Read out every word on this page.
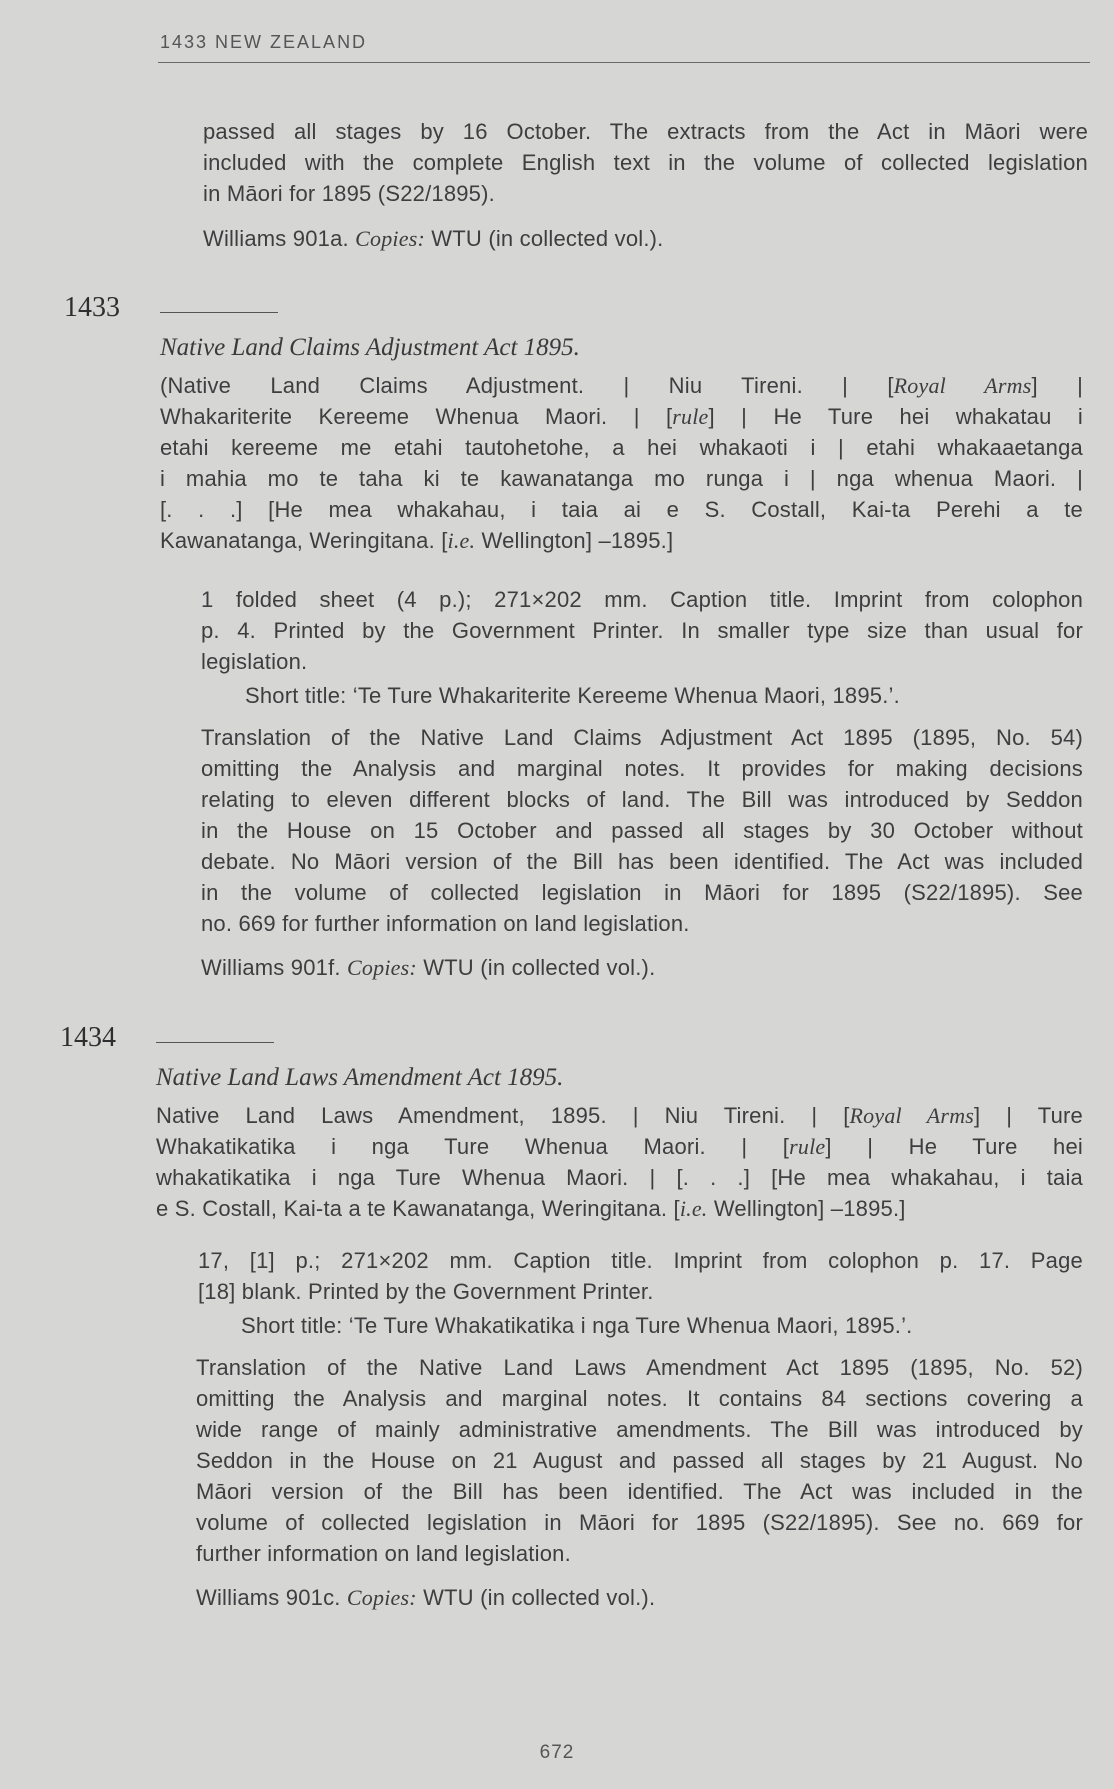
1433 NEW ZEALAND
passed all stages by 16 October. The extracts from the Act in Māori were
included with the complete English text in the volume of collected legislation
in Māori for 1895 (S22/1895).

Williams 901a. Copies: WTU (in collected vol.).
1433
Native Land Claims Adjustment Act 1895.
(Native Land Claims Adjustment. | Niu Tireni. | [Royal Arms] |
Whakariterite Kereeme Whenua Maori. | [rule] | He Ture hei whakatau i
etahi kereeme me etahi tautohetohe, a hei whakaoti i | etahi whakaaetanga
i mahia mo te taha ki te kawanatanga mo runga i | nga whenua Maori. |
[. . .] [He mea whakahau, i taia ai e S. Costall, Kai-ta Perehi a te
Kawanatanga, Weringitana. [i.e. Wellington] –1895.]
1 folded sheet (4 p.); 271×202 mm. Caption title. Imprint from colophon
p. 4. Printed by the Government Printer. In smaller type size than usual for
legislation.

Short title: ‘Te Ture Whakariterite Kereeme Whenua Maori, 1895.’.
Translation of the Native Land Claims Adjustment Act 1895 (1895, No. 54)
omitting the Analysis and marginal notes. It provides for making decisions
relating to eleven different blocks of land. The Bill was introduced by Seddon
in the House on 15 October and passed all stages by 30 October without
debate. No Māori version of the Bill has been identified. The Act was included
in the volume of collected legislation in Māori for 1895 (S22/1895). See
no. 669 for further information on land legislation.

Williams 901f. Copies: WTU (in collected vol.).
1434
Native Land Laws Amendment Act 1895.
Native Land Laws Amendment, 1895. | Niu Tireni. | [Royal Arms] | Ture
Whakatikatika i nga Ture Whenua Maori. | [rule] | He Ture hei
whakatikatika i nga Ture Whenua Maori. | [. . .] [He mea whakahau, i taia
e S. Costall, Kai-ta a te Kawanatanga, Weringitana. [i.e. Wellington] –1895.]
17, [1] p.; 271×202 mm. Caption title. Imprint from colophon p. 17. Page
[18] blank. Printed by the Government Printer.

Short title: ‘Te Ture Whakatikatika i nga Ture Whenua Maori, 1895.’.
Translation of the Native Land Laws Amendment Act 1895 (1895, No. 52)
omitting the Analysis and marginal notes. It contains 84 sections covering a
wide range of mainly administrative amendments. The Bill was introduced by
Seddon in the House on 21 August and passed all stages by 21 August. No
Māori version of the Bill has been identified. The Act was included in the
volume of collected legislation in Māori for 1895 (S22/1895). See no. 669 for
further information on land legislation.

Williams 901c. Copies: WTU (in collected vol.).
672
